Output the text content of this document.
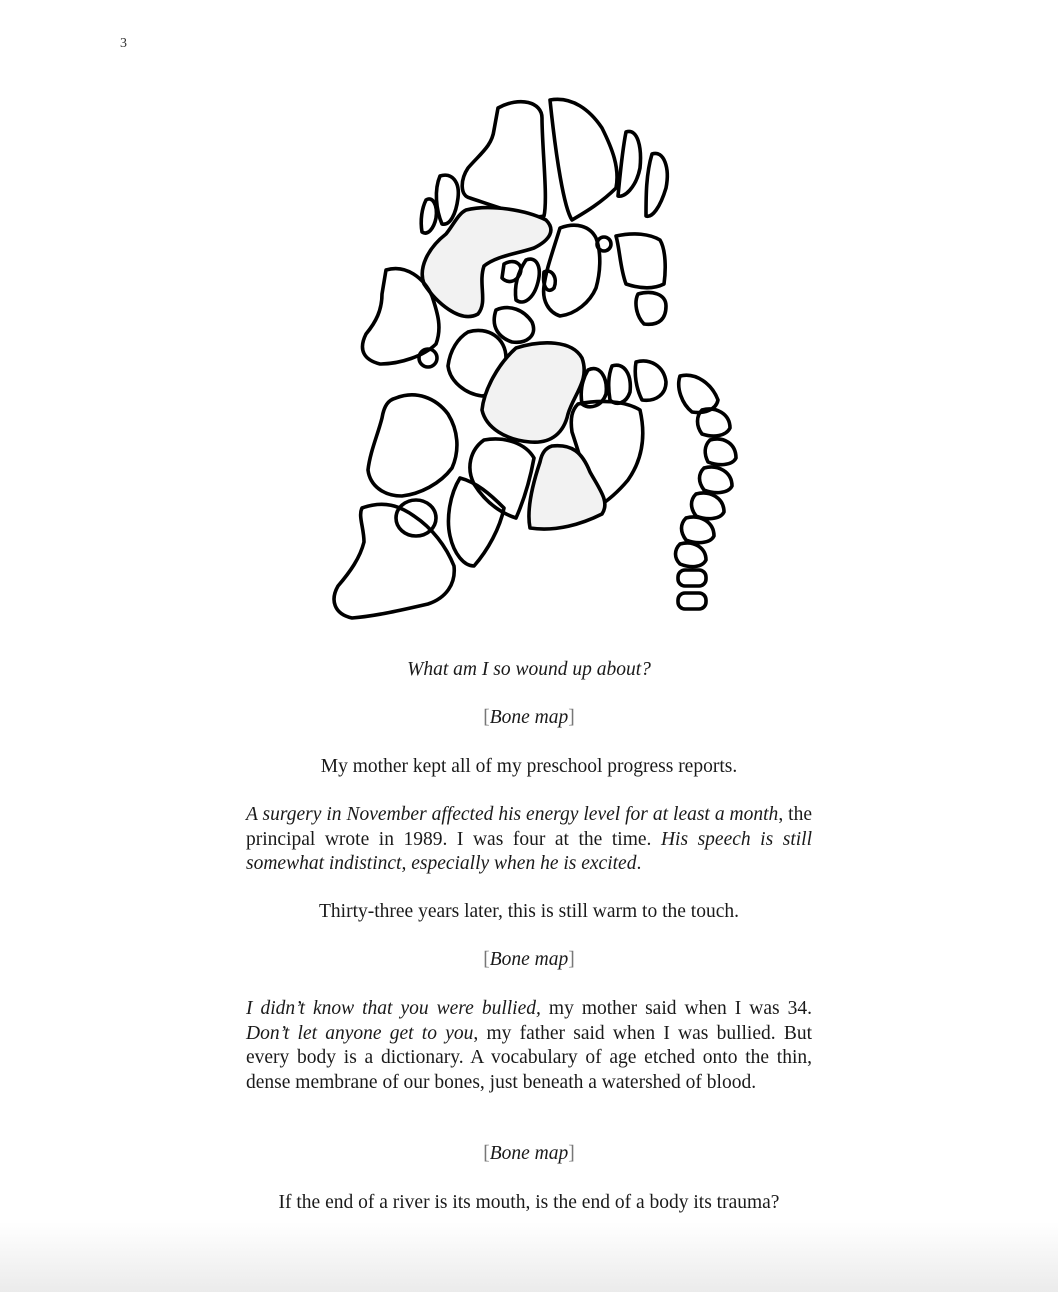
3
What am I so wound up about?
[Bone map]
My mother kept all of my preschool progress reports.
A surgery in November affected his energy level for at least a month, the principal wrote in 1989. I was four at the time. His speech is still somewhat indistinct, especially when he is excited.
Thirty-three years later, this is still warm to the touch.
[Bone map]
I didn’t know that you were bullied, my mother said when I was 34. Don’t let anyone get to you, my father said when I was bullied. But every body is a dictionary. A vocabulary of age etched onto the thin, dense membrane of our bones, just beneath a watershed of blood.
[Bone map]
If the end of a river is its mouth, is the end of a body its trauma?
